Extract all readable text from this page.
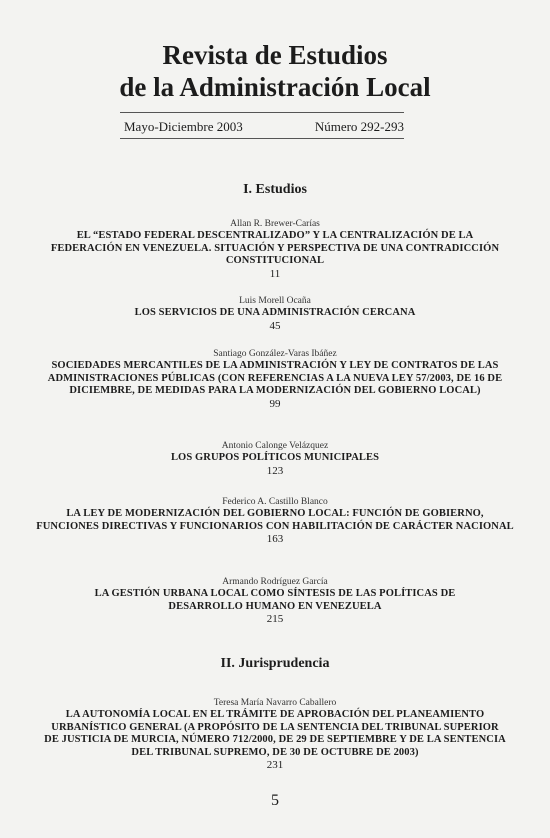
Revista de Estudios
de la Administración Local
Mayo-Diciembre 2003	Número 292-293
I. Estudios
Allan R. Brewer-Carías
EL “ESTADO FEDERAL DESCENTRALIZADO” Y LA CENTRALIZACIÓN DE LA FEDERACIÓN EN VENEZUELA. SITUACIÓN Y PERSPECTIVA DE UNA CONTRADICCIÓN CONSTITUCIONAL
11
Luis Morell Ocaña
LOS SERVICIOS DE UNA ADMINISTRACIÓN CERCANA
45
Santiago González-Varas Ibáñez
SOCIEDADES MERCANTILES DE LA ADMINISTRACIÓN Y LEY DE CONTRATOS DE LAS ADMINISTRACIONES PÚBLICAS (CON REFERENCIAS A LA NUEVA LEY 57/2003, DE 16 DE DICIEMBRE, DE MEDIDAS PARA LA MODERNIZACIÓN DEL GOBIERNO LOCAL)
99
Antonio Calonge Velázquez
LOS GRUPOS POLÍTICOS MUNICIPALES
123
Federico A. Castillo Blanco
LA LEY DE MODERNIZACIÓN DEL GOBIERNO LOCAL: FUNCIÓN DE GOBIERNO, FUNCIONES DIRECTIVAS Y FUNCIONARIOS CON HABILITACIÓN DE CARÁCTER NACIONAL
163
Armando Rodríguez García
LA GESTIÓN URBANA LOCAL COMO SÍNTESIS DE LAS POLÍTICAS DE DESARROLLO HUMANO EN VENEZUELA
215
II. Jurisprudencia
Teresa María Navarro Caballero
LA AUTONOMÍA LOCAL EN EL TRÁMITE DE APROBACIÓN DEL PLANEAMIENTO URBANÍSTICO GENERAL (A PROPÓSITO DE LA SENTENCIA DEL TRIBUNAL SUPERIOR DE JUSTICIA DE MURCIA, NÚMERO 712/2000, DE 29 DE SEPTIEMBRE Y DE LA SENTENCIA DEL TRIBUNAL SUPREMO, DE 30 DE OCTUBRE DE 2003)
231
5
